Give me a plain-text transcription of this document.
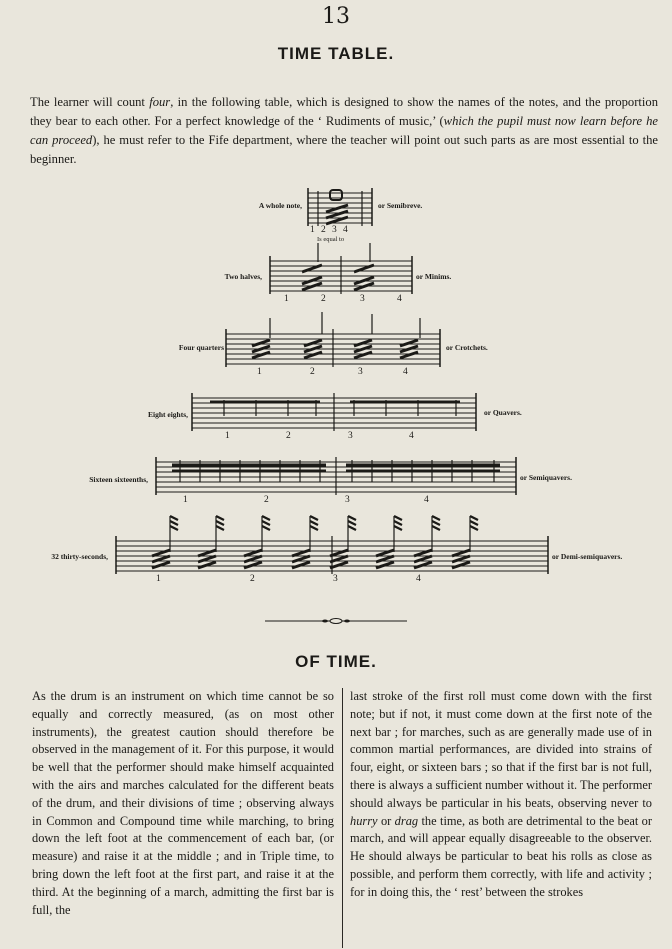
13
TIME TABLE.

The learner will count four, in the following table, which is designed to show the names of the notes, and the proportion they bear to each other. For a perfect knowledge of the ‘ Rudiments of music,’ (which the pupil must now learn before he can proceed), he must refer to the Fife department, where the teacher will point out such parts as are most essential to the beginner.

A whole note,	or Semibreve.
1 2 3 4
Is equal to
Two halves,	or Minims.
1	2	3	4
Four quarters	or Crotchets.
1	2	3	4
Eight eights,	or Quavers.
1	2	3	4
Sixteen sixteenths,	or Semiquavers.
1	2	3	4
32 thirty-seconds,	or Demi-semiquavers.
1	2	3	4
OF TIME.
As the drum is an instrument on which time cannot be so equally and correctly measured, (as on most other instruments), the greatest caution should therefore be observed in the management of it. For this purpose, it would be well that the performer should make himself acquainted with the airs and marches calculated for the different beats of the drum, and their divisions of time ; observing always in Common and Compound time while marching, to bring down the left foot at the commencement of each bar, (or measure) and raise it at the middle ; and in Triple time, to bring down the left foot at the first part, and raise it at the third. At the beginning of a march, admitting the first bar is full, the
last stroke of the first roll must come down with the first note; but if not, it must come down at the first note of the next bar ; for marches, such as are generally made use of in common martial performances, are divided into strains of four, eight, or sixteen bars ; so that if the first bar is not full, there is always a sufficient number without it. The performer should always be particular in his beats, observing never to hurry or drag the time, as both are detrimental to the beat or march, and will appear equally disagreeable to the observer. He should always be particular to beat his rolls as close as possible, and perform them correctly, with life and activity ; for in doing this, the ‘ rest’ between the strokes
